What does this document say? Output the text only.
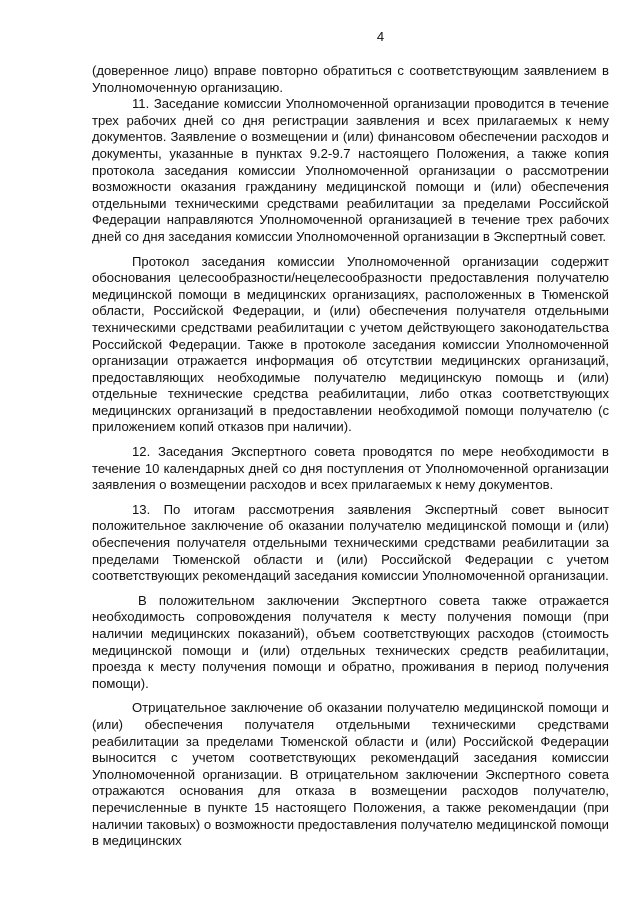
4

(доверенное лицо) вправе повторно обратиться с соответствующим заявлением в Уполномоченную организацию.

11. Заседание комиссии Уполномоченной организации проводится в течение трех рабочих дней со дня регистрации заявления и всех прилагаемых к нему документов. Заявление о возмещении и (или) финансовом обеспечении расходов и документы, указанные в пунктах 9.2-9.7 настоящего Положения, а также копия протокола заседания комиссии Уполномоченной организации о рассмотрении возможности оказания гражданину медицинской помощи и (или) обеспечения отдельными техническими средствами реабилитации за пределами Российской Федерации направляются Уполномоченной организацией в течение трех рабочих дней со дня заседания комиссии Уполномоченной организации в Экспертный совет.

Протокол заседания комиссии Уполномоченной организации содержит обоснования целесообразности/нецелесообразности предоставления получателю медицинской помощи в медицинских организациях, расположенных в Тюменской области, Российской Федерации, и (или) обеспечения получателя отдельными техническими средствами реабилитации с учетом действующего законодательства Российской Федерации. Также в протоколе заседания комиссии Уполномоченной организации отражается информация об отсутствии медицинских организаций, предоставляющих необходимые получателю медицинскую помощь и (или) отдельные технические средства реабилитации, либо отказ соответствующих медицинских организаций в предоставлении необходимой помощи получателю (с приложением копий отказов при наличии).

12. Заседания Экспертного совета проводятся по мере необходимости в течение 10 календарных дней со дня поступления от Уполномоченной организации заявления о возмещении расходов и всех прилагаемых к нему документов.

13. По итогам рассмотрения заявления Экспертный совет выносит положительное заключение об оказании получателю медицинской помощи и (или) обеспечения получателя отдельными техническими средствами реабилитации за пределами Тюменской области и (или) Российской Федерации с учетом соответствующих рекомендаций заседания комиссии Уполномоченной организации.

В положительном заключении Экспертного совета также отражается необходимость сопровождения получателя к месту получения помощи (при наличии медицинских показаний), объем соответствующих расходов (стоимость медицинской помощи и (или) отдельных технических средств реабилитации, проезда к месту получения помощи и обратно, проживания в период получения помощи).

Отрицательное заключение об оказании получателю медицинской помощи и (или) обеспечения получателя отдельными техническими средствами реабилитации за пределами Тюменской области и (или) Российской Федерации выносится с учетом соответствующих рекомендаций заседания комиссии Уполномоченной организации. В отрицательном заключении Экспертного совета отражаются основания для отказа в возмещении расходов получателю, перечисленные в пункте 15 настоящего Положения, а также рекомендации (при наличии таковых) о возможности предоставления получателю медицинской помощи в медицинских
